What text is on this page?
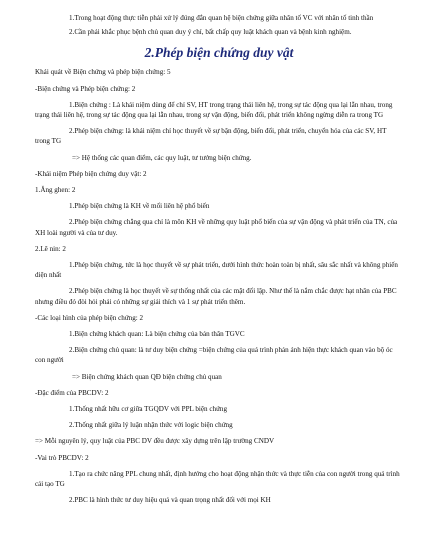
1.Trong hoạt động thực tiễn phải xử lý đúng đắn quan hệ biện chứng giữa nhân tố VC với nhân tố tinh thần

2.Cần phải khắc phục bệnh chủ quan duy ý chí, bất chấp quy luật khách quan và bệnh kinh nghiệm.

2.Phép biện chứng duy vật

Khái quát về Biện chứng và phép biện chứng: 5

-Biện chứng và Phép biện chứng: 2

1.Biện chứng : Là khái niệm dùng để chỉ SV, HT trong trạng thái liên hệ, trong sự tác động qua lại lẫn nhau, trong trạng thái liên hệ, trong sự tác động qua lại lẫn nhau, trong sự vận động, biến đổi, phát triển không ngừng diễn ra trong TG

2.Phép biện chứng: là khái niệm chỉ học thuyết về sự bận động, biến đổi, phát triển, chuyển hóa của các SV, HT trong TG

=> Hệ thống các quan điểm, các quy luật, tư tưởng biện chứng.

-Khái niệm Phép biện chứng duy vật: 2

1.Ăng ghen: 2

1.Phép biện chứng là KH về mối liên hệ phổ biến

2.Phép biện chứng chẳng qua chỉ là môn KH về những quy luật phổ biến của sự vận động và phát triển của TN, của XH loài người và của tư duy.

2.Lê nin: 2

1.Phép biện chứng, tức là học thuyết về sự phát triển, dưới hình thức hoàn toàn bị nhất, sâu sắc nhất và không phiến diện nhất

2.Phép biện chứng là học thuyết về sự thống nhất của các mặt đối lập. Như thế là nắm chắc được hạt nhân của PBC nhưng điều đó đòi hỏi phải có những sự giải thích và 1 sự phát triển thêm.

-Các loại hình của phép biện chứng: 2

1.Biện chứng khách quan: Là biện chứng của bản thân TGVC

2.Biện chứng chủ quan: là tư duy biện chứng =biện chứng của quá trình phản ánh hiện thực khách quan vào bộ óc con người

=> Biện chứng khách quan QĐ biện chứng chủ quan

-Đặc điểm của PBCDV: 2

1.Thống nhất hữu cơ giữa TGQDV với PPL biện chứng

2.Thống nhất giữa lý luận nhận thức với logic biện chứng

=> Mỗi nguyên lý, quy luật của PBC DV đều được xây dựng trên lập trường CNDV

-Vai trò PBCDV: 2

1.Tạo ra chức năng PPL chung nhất, định hướng cho hoạt động nhận thức và thực tiễn của con người trong quá trình cải tạo TG

2.PBC là hình thức tư duy hiệu quả và quan trọng nhất đối với mọi KH
